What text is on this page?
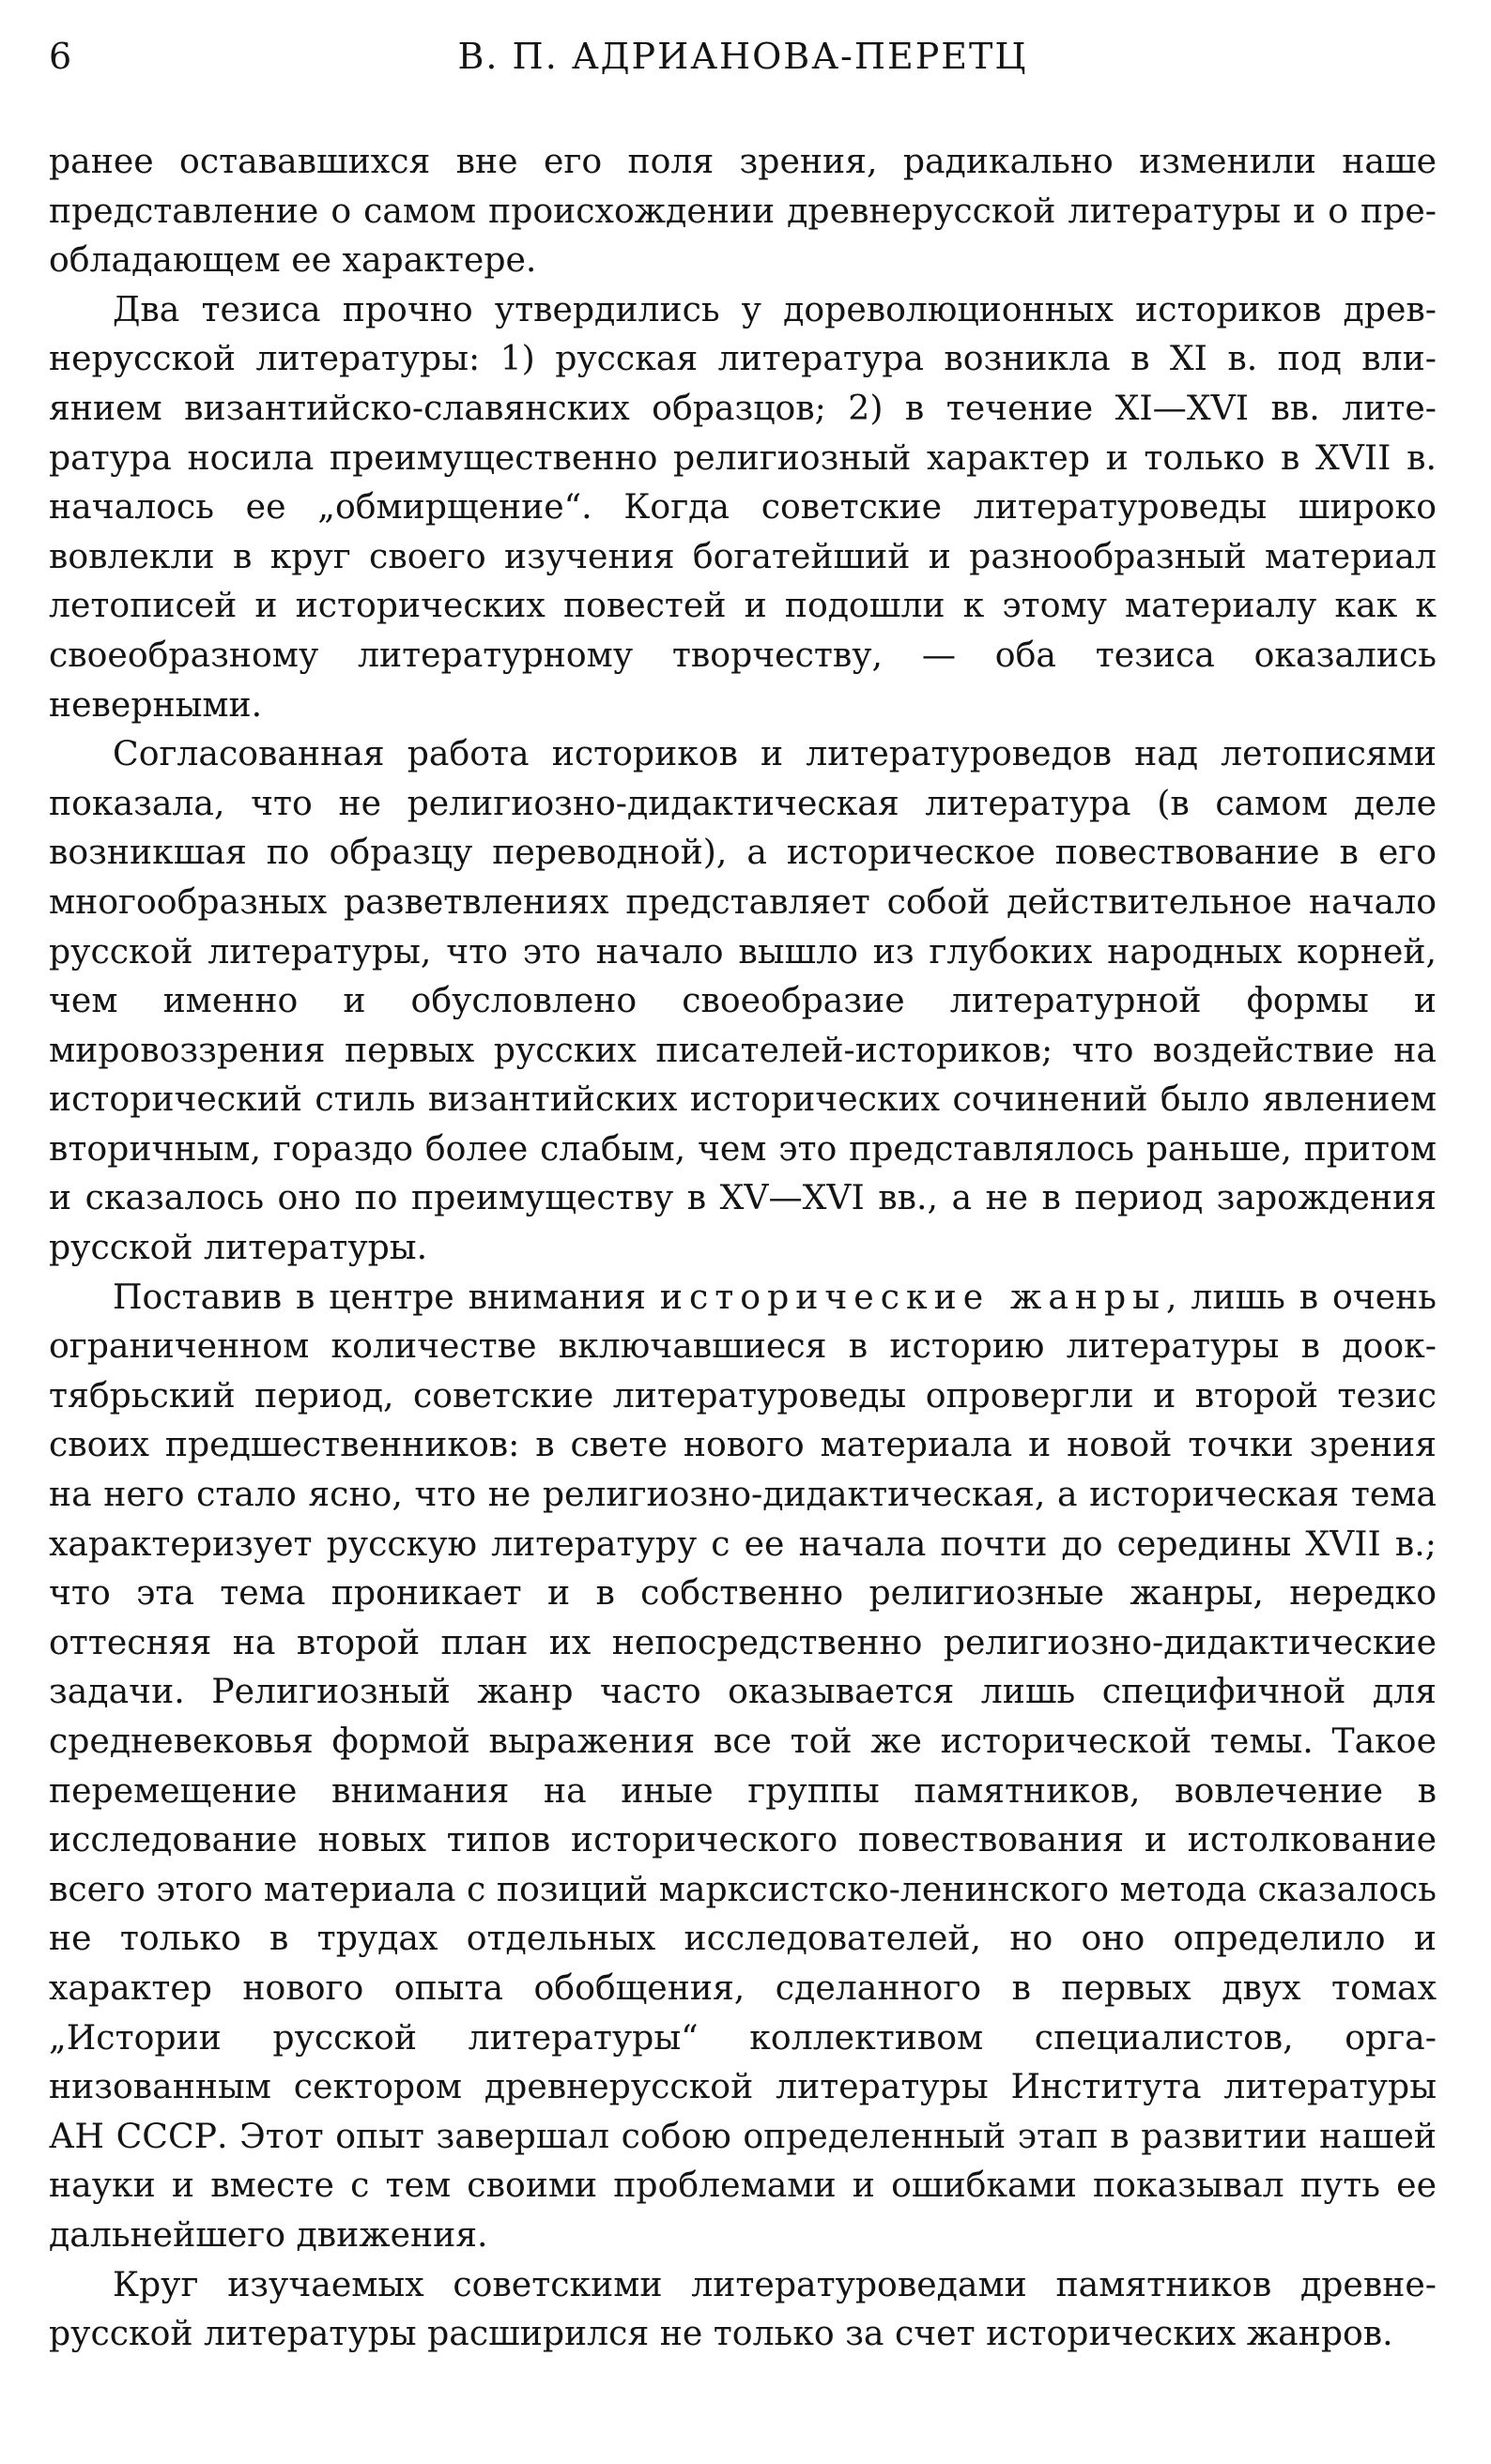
6	В. П. АДРИАНОВА-ПЕРЕТЦ

ранее остававшихся вне его поля зрения, радикально изменили наше представление о самом происхождении древнерусской литературы и о преобладающем ее характере.

Два тезиса прочно утвердились у дореволюционных историков древнерусской литературы: 1) русская литература возникла в XI в. под влиянием византийско-славянских образцов; 2) в течение XI—XVI вв. литература носила преимущественно религиозный характер и только в XVII в. началось ее „обмирщение“. Когда советские литературоведы широко вовлекли в круг своего изучения богатейший и разнообразный материал летописей и исторических повестей и подошли к этому материалу как к своеобразному литературному творчеству, — оба тезиса оказались неверными.

Согласованная работа историков и литературоведов над летописями показала, что не религиозно-дидактическая литература (в самом деле возникшая по образцу переводной), а историческое повествование в его многообразных разветвлениях представляет собой действительное начало русской литературы, что это начало вышло из глубоких народных корней, чем именно и обусловлено своеобразие литературной формы и мировоззрения первых русских писателей-историков; что воздействие на исторический стиль византийских исторических сочинений было явлением вторичным, гораздо более слабым, чем это представлялось раньше, притом и сказалось оно по преимуществу в XV—XVI вв., а не в период зарождения русской литературы.

Поставив в центре внимания исторические жанры, лишь в очень ограниченном количестве включавшиеся в историю литературы в дооктябрьский период, советские литературоведы опровергли и второй тезис своих предшественников: в свете нового материала и новой точки зрения на него стало ясно, что не религиозно-дидактическая, а историческая тема характеризует русскую литературу с ее начала почти до середины XVII в.; что эта тема проникает и в собственно религиозные жанры, нередко оттесняя на второй план их непосредственно религиозно-дидактические задачи. Религиозный жанр часто оказывается лишь специфичной для средневековья формой выражения все той же исторической темы. Такое перемещение внимания на иные группы памятников, вовлечение в исследование новых типов исторического повествования и истолкование всего этого материала с позиций марксистско-ленинского метода сказалось не только в трудах отдельных исследователей, но оно определило и характер нового опыта обобщения, сделанного в первых двух томах „Истории русской литературы“ коллективом специалистов, организованным сектором древнерусской литературы Института литературы АН СССР. Этот опыт завершал собою определенный этап в развитии нашей науки и вместе с тем своими проблемами и ошибками показывал путь ее дальнейшего движения.

Круг изучаемых советскими литературоведами памятников древнерусской литературы расширился не только за счет исторических жанров.
